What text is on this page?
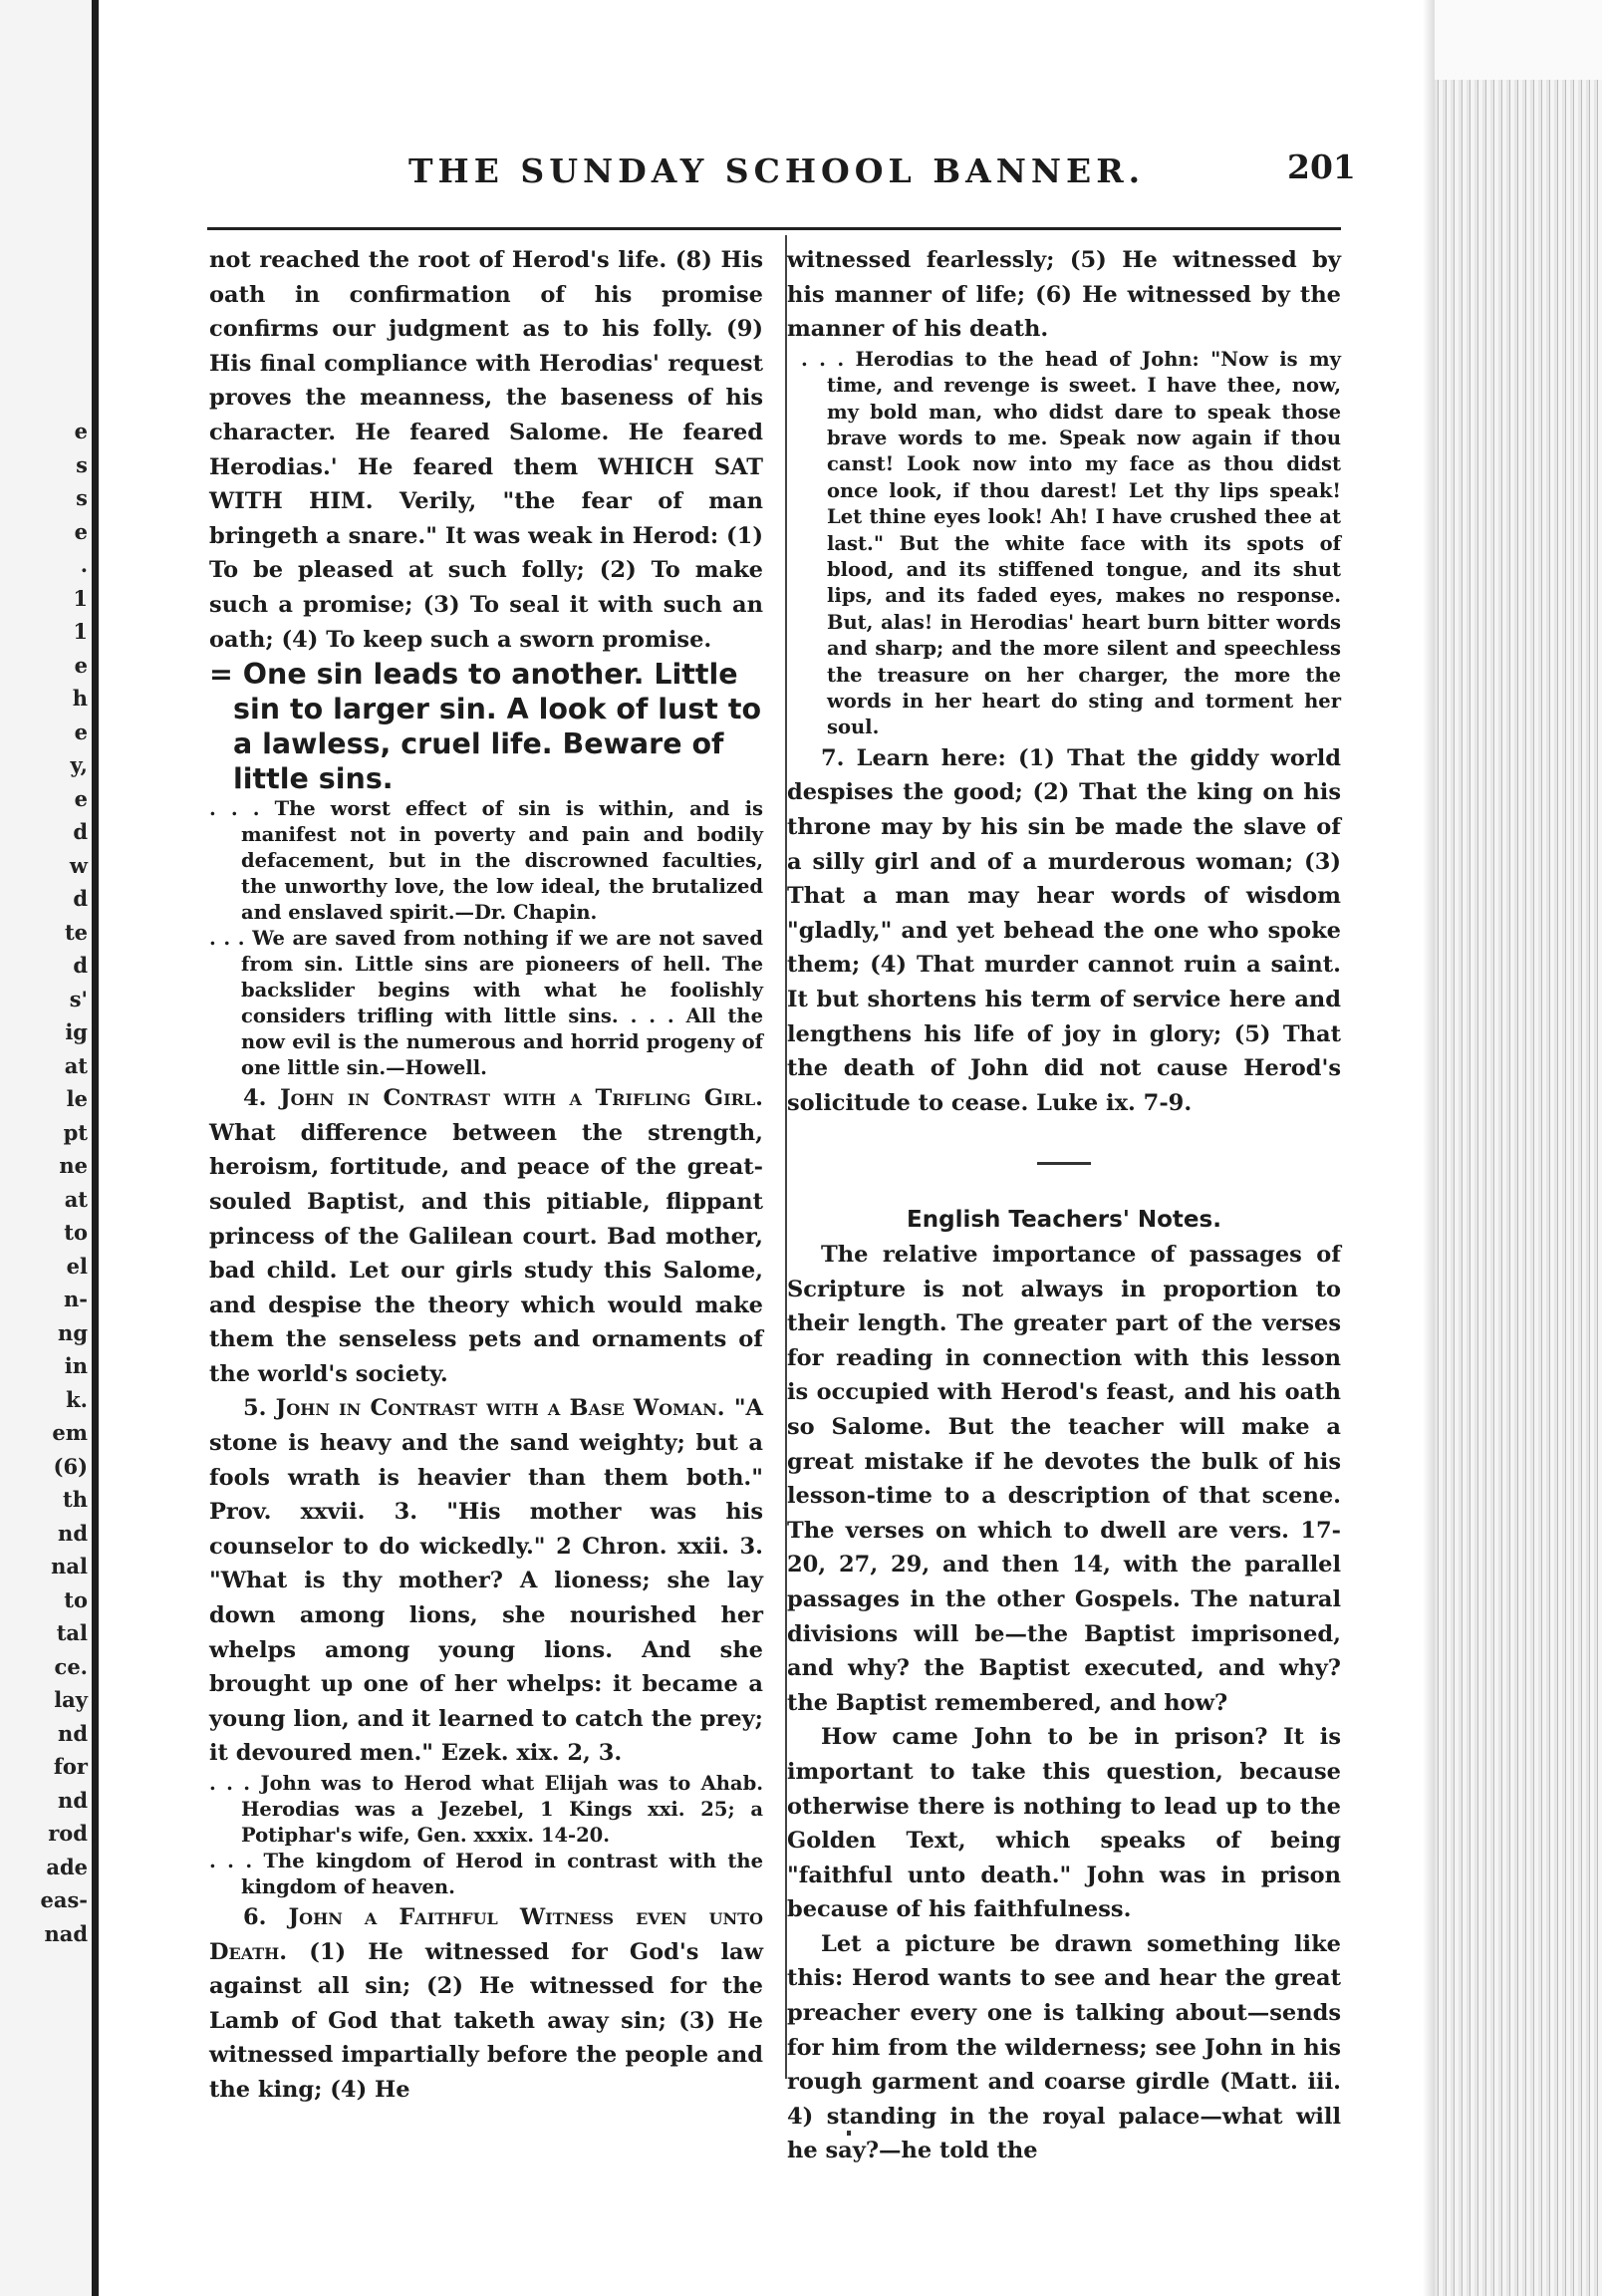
e
s
s
e
.
1
1
e
h
e
y,
e
d
w
d
te
d
s'
ig
at
le
pt
ne
at
to
el
n-
ng
in
k.
em
(6)
th
nd
nal
to
tal
ce.
lay
nd
for
nd
rod
ade
eas-
nad
THE SUNDAY SCHOOL BANNER.	201

not reached the root of Herod's life. (8) His oath in confirmation of his promise confirms our judgment as to his folly. (9) His final compliance with Herodias' request proves the meanness, the baseness of his character. He feared Salome. He feared Herodias.' He feared them WHICH SAT WITH HIM. Verily, "the fear of man bringeth a snare." It was weak in Herod: (1) To be pleased at such folly; (2) To make such a promise; (3) To seal it with such an oath; (4) To keep such a sworn promise.

= One sin leads to another. Little sin to larger sin. A look of lust to a lawless, cruel life. Beware of little sins.

. . . The worst effect of sin is within, and is manifest not in poverty and pain and bodily defacement, but in the discrowned faculties, the unworthy love, the low ideal, the brutalized and enslaved spirit.—Dr. Chapin.

. . . We are saved from nothing if we are not saved from sin. Little sins are pioneers of hell. The backslider begins with what he foolishly considers trifling with little sins. . . . All the now evil is the numerous and horrid progeny of one little sin.—Howell.

4. John in Contrast with a Trifling Girl. What difference between the strength, heroism, fortitude, and peace of the great-souled Baptist, and this pitiable, flippant princess of the Galilean court. Bad mother, bad child. Let our girls study this Salome, and despise the theory which would make them the senseless pets and ornaments of the world's society.

5. John in Contrast with a Base Woman. "A stone is heavy and the sand weighty; but a fools wrath is heavier than them both." Prov. xxvii. 3. "His mother was his counselor to do wickedly." 2 Chron. xxii. 3. "What is thy mother? A lioness; she lay down among lions, she nourished her whelps among young lions. And she brought up one of her whelps: it became a young lion, and it learned to catch the prey; it devoured men." Ezek. xix. 2, 3.

. . . John was to Herod what Elijah was to Ahab. Herodias was a Jezebel, 1 Kings xxi. 25; a Potiphar's wife, Gen. xxxix. 14-20.

. . . The kingdom of Herod in contrast with the kingdom of heaven.

6. John a Faithful Witness even unto Death. (1) He witnessed for God's law against all sin; (2) He witnessed for the Lamb of God that taketh away sin; (3) He witnessed impartially before the people and the king; (4) He

witnessed fearlessly; (5) He witnessed by his manner of life; (6) He witnessed by the manner of his death.

. . . Herodias to the head of John: "Now is my time, and revenge is sweet. I have thee, now, my bold man, who didst dare to speak those brave words to me. Speak now again if thou canst! Look now into my face as thou didst once look, if thou darest! Let thy lips speak! Let thine eyes look! Ah! I have crushed thee at last." But the white face with its spots of blood, and its stiffened tongue, and its shut lips, and its faded eyes, makes no response. But, alas! in Herodias' heart burn bitter words and sharp; and the more silent and speechless the treasure on her charger, the more the words in her heart do sting and torment her soul.

7. Learn here: (1) That the giddy world despises the good; (2) That the king on his throne may by his sin be made the slave of a silly girl and of a murderous woman; (3) That a man may hear words of wisdom "gladly," and yet behead the one who spoke them; (4) That murder cannot ruin a saint. It but shortens his term of service here and lengthens his life of joy in glory; (5) That the death of John did not cause Herod's solicitude to cease. Luke ix. 7-9.

English Teachers' Notes.

The relative importance of passages of Scripture is not always in proportion to their length. The greater part of the verses for reading in connection with this lesson is occupied with Herod's feast, and his oath so Salome. But the teacher will make a great mistake if he devotes the bulk of his lesson-time to a description of that scene. The verses on which to dwell are vers. 17-20, 27, 29, and then 14, with the parallel passages in the other Gospels. The natural divisions will be—the Baptist imprisoned, and why? the Baptist executed, and why? the Baptist remembered, and how?

How came John to be in prison? It is important to take this question, because otherwise there is nothing to lead up to the Golden Text, which speaks of being "faithful unto death." John was in prison because of his faithfulness.

Let a picture be drawn something like this: Herod wants to see and hear the great preacher every one is talking about—sends for him from the wilderness; see John in his rough garment and coarse girdle (Matt. iii. 4) standing in the royal palace—what will he say?—he told the
